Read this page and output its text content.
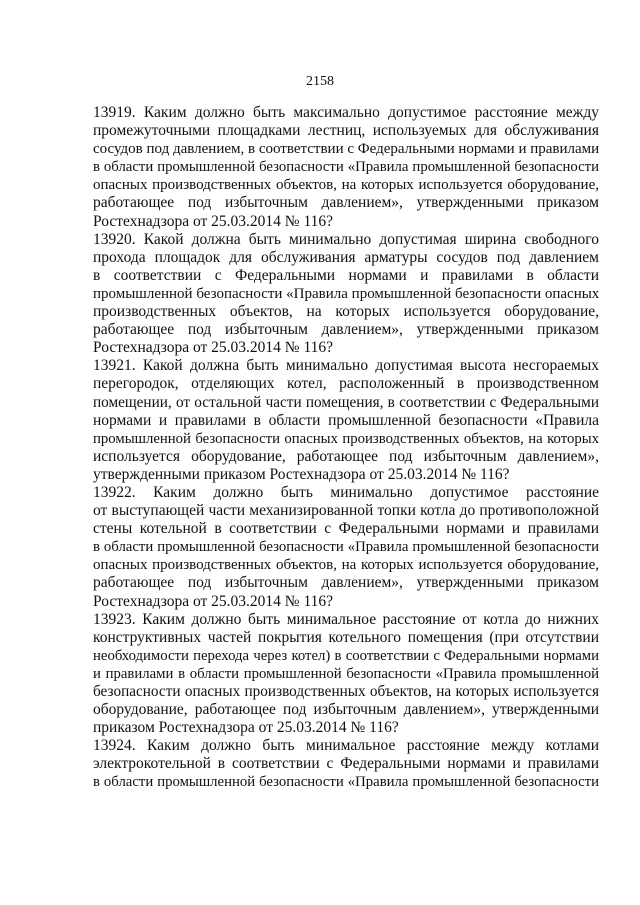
2158
13919. Каким должно быть максимально допустимое расстояние между
промежуточными площадками лестниц, используемых для обслуживания
сосудов под давлением, в соответствии с Федеральными нормами и правилами
в области промышленной безопасности «Правила промышленной безопасности
опасных производственных объектов, на которых используется оборудование,
работающее под избыточным давлением», утвержденными приказом
Ростехнадзора от 25.03.2014 № 116?
13920. Какой должна быть минимально допустимая ширина свободного
прохода площадок для обслуживания арматуры сосудов под давлением
в соответствии с Федеральными нормами и правилами в области
промышленной безопасности «Правила промышленной безопасности опасных
производственных объектов, на которых используется оборудование,
работающее под избыточным давлением», утвержденными приказом
Ростехнадзора от 25.03.2014 № 116?
13921. Какой должна быть минимально допустимая высота несгораемых
перегородок, отделяющих котел, расположенный в производственном
помещении, от остальной части помещения, в соответствии с Федеральными
нормами и правилами в области промышленной безопасности «Правила
промышленной безопасности опасных производственных объектов, на которых
используется оборудование, работающее под избыточным давлением»,
утвержденными приказом Ростехнадзора от 25.03.2014 № 116?
13922. Каким должно быть минимально допустимое расстояние
от выступающей части механизированной топки котла до противоположной
стены котельной в соответствии с Федеральными нормами и правилами
в области промышленной безопасности «Правила промышленной безопасности
опасных производственных объектов, на которых используется оборудование,
работающее под избыточным давлением», утвержденными приказом
Ростехнадзора от 25.03.2014 № 116?
13923. Каким должно быть минимальное расстояние от котла до нижних
конструктивных частей покрытия котельного помещения (при отсутствии
необходимости перехода через котел) в соответствии с Федеральными нормами
и правилами в области промышленной безопасности «Правила промышленной
безопасности опасных производственных объектов, на которых используется
оборудование, работающее под избыточным давлением», утвержденными
приказом Ростехнадзора от 25.03.2014 № 116?
13924. Каким должно быть минимальное расстояние между котлами
электрокотельной в соответствии с Федеральными нормами и правилами
в области промышленной безопасности «Правила промышленной безопасности
